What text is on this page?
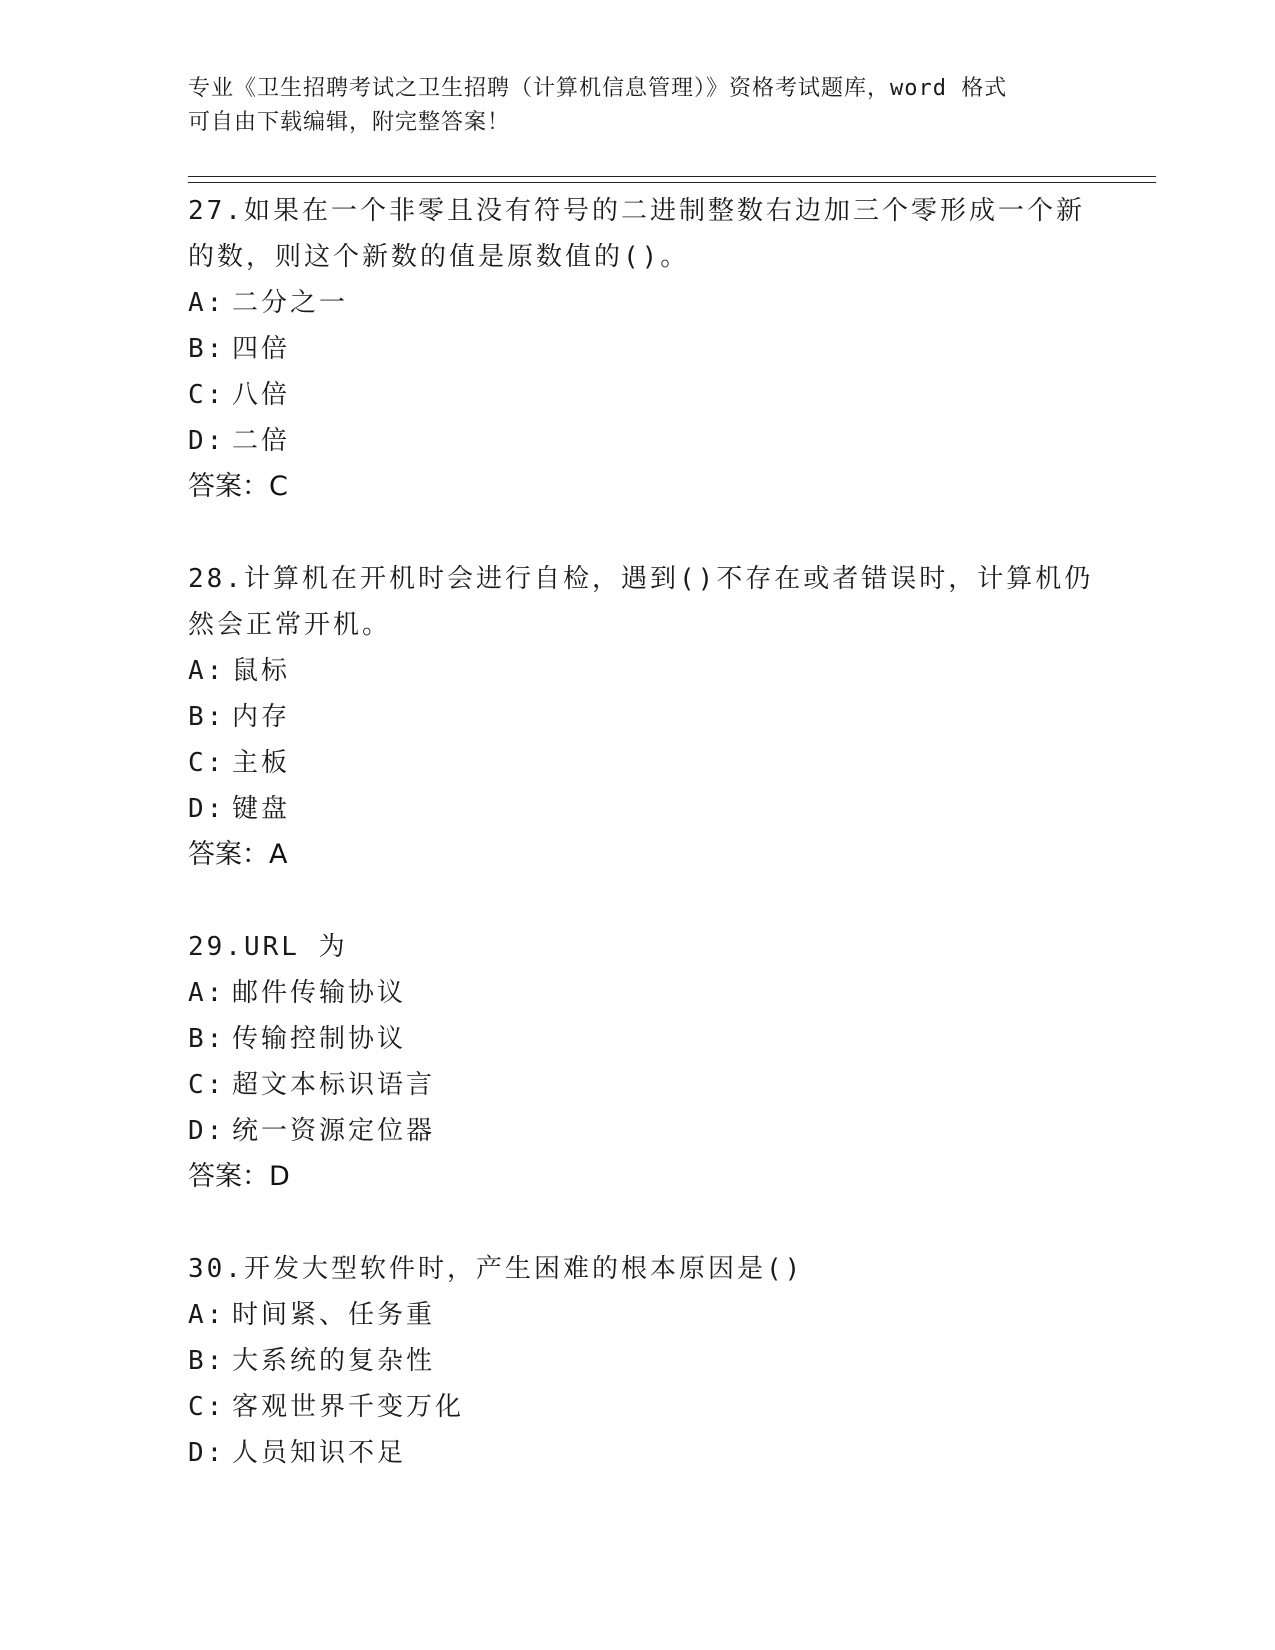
专业《卫生招聘考试之卫生招聘（计算机信息管理）》资格考试题库，word 格式
可自由下载编辑，附完整答案！
27.如果在一个非零且没有符号的二进制整数右边加三个零形成一个新
的数，则这个新数的值是原数值的()。
A: 二分之一
B: 四倍
C: 八倍
D: 二倍
答案：C
28.计算机在开机时会进行自检，遇到()不存在或者错误时，计算机仍
然会正常开机。
A: 鼠标
B: 内存
C: 主板
D: 键盘
答案：A
29.URL 为
A: 邮件传输协议
B: 传输控制协议
C: 超文本标识语言
D: 统一资源定位器
答案：D
30.开发大型软件时，产生困难的根本原因是()
A: 时间紧、任务重
B: 大系统的复杂性
C: 客观世界千变万化
D: 人员知识不足
